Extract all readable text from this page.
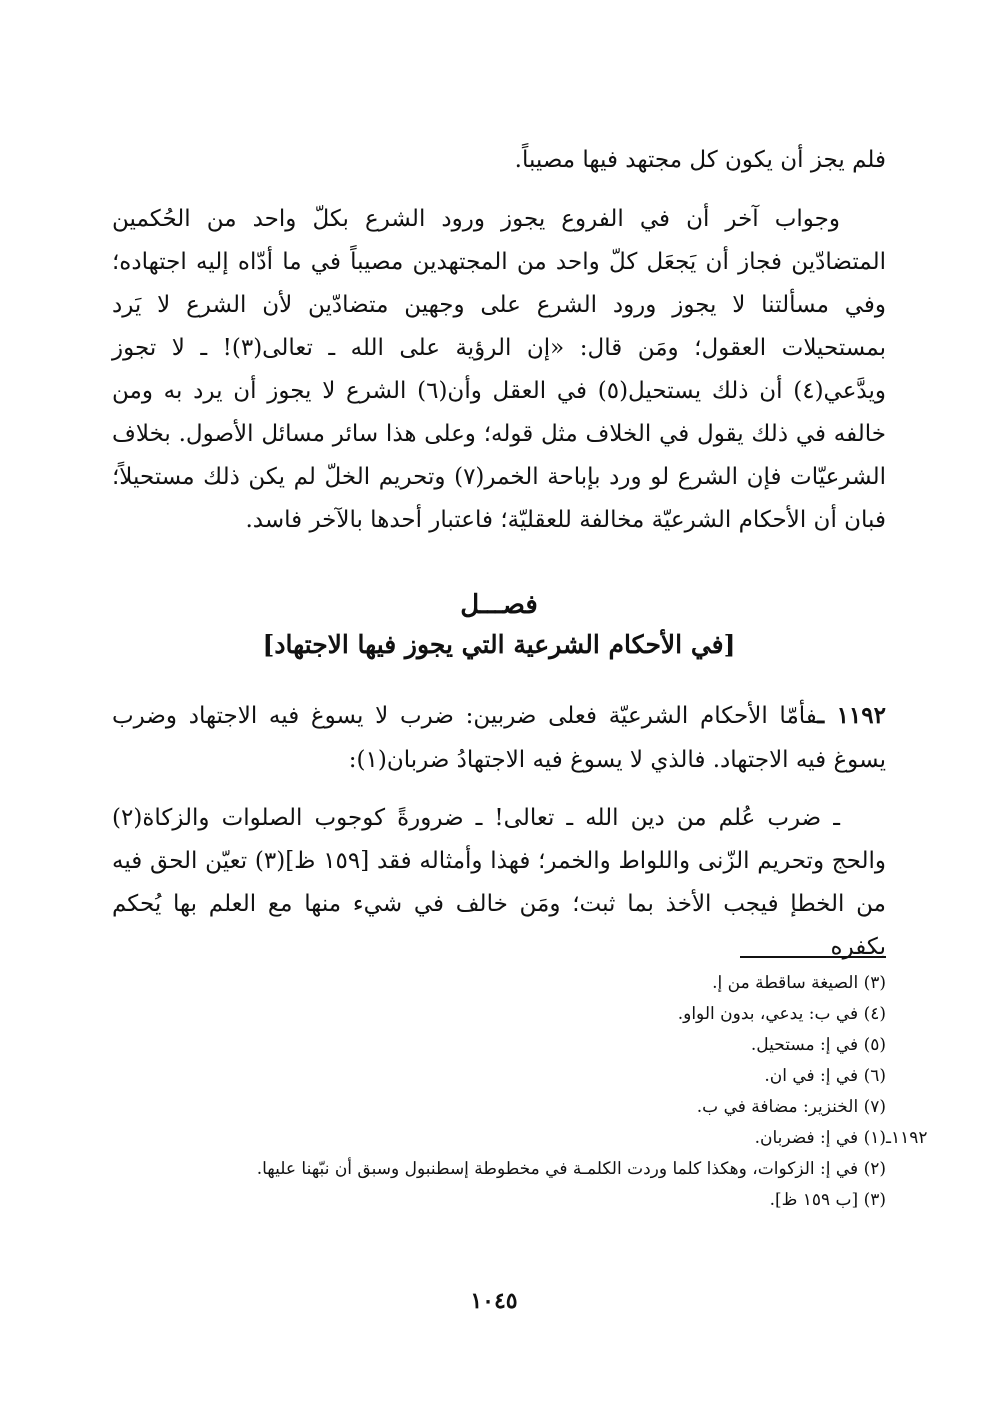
فلم يجز أن يكون كل مجتهد فيها مصيباً.

وجواب آخر أن في الفروع يجوز ورود الشرع بكلّ واحد من الحُكمين المتضادّين فجاز أن يَجعَل كلّ واحد من المجتهدين مصيباً في ما أدّاه إليه اجتهاده؛ وفي مسألتنا لا يجوز ورود الشرع على وجهين متضادّين لأن الشرع لا يَرد بمستحيلات العقول؛ ومَن قال: «إن الرؤية على الله ـ تعالى(٣)! ـ لا تجوز ويدَّعي(٤) أن ذلك يستحيل(٥) في العقل وأن(٦) الشرع لا يجوز أن يرد به ومن خالفه في ذلك يقول في الخلاف مثل قوله؛ وعلى هذا سائر مسائل الأصول. بخلاف الشرعيّات فإن الشرع لو ورد بإباحة الخمر(٧) وتحريم الخلّ لم يكن ذلك مستحيلاً؛ فبان أن الأحكام الشرعيّة مخالفة للعقليّة؛ فاعتبار أحدها بالآخر فاسد.

فصـــل
[في الأحكام الشرعية التي يجوز فيها الاجتهاد]

١١٩٢ ـفأمّا الأحكام الشرعيّة فعلى ضربين: ضرب لا يسوغ فيه الاجتهاد وضرب يسوغ فيه الاجتهاد. فالذي لا يسوغ فيه الاجتهادُ ضربان(١):

ـ ضرب عُلم من دين الله ـ تعالى! ـ ضرورةً كوجوب الصلوات والزكاة(٢) والحج وتحريم الزّنى واللواط والخمر؛ فهذا وأمثاله فقد [١٥٩ ظ](٣) تعيّن الحق فيه من الخطإ فيجب الأخذ بما ثبت؛ ومَن خالف في شيء منها مع العلم بها يُحكم بكفره

(٣) الصيغة ساقطة من إ.
(٤) في ب: يدعي، بدون الواو.
(٥) في إ: مستحيل.
(٦) في إ: في ان.
(٧) الخنزير: مضافة في ب.
١١٩٢ـ
(١) في إ: فضربان.
(٢) في إ: الزكوات، وهكذا كلما وردت الكلمـة في مخطوطة إسطنبول وسبق أن نبّهنا عليها.
(٣) [ب ١٥٩ ظ].
١٠٤٥
